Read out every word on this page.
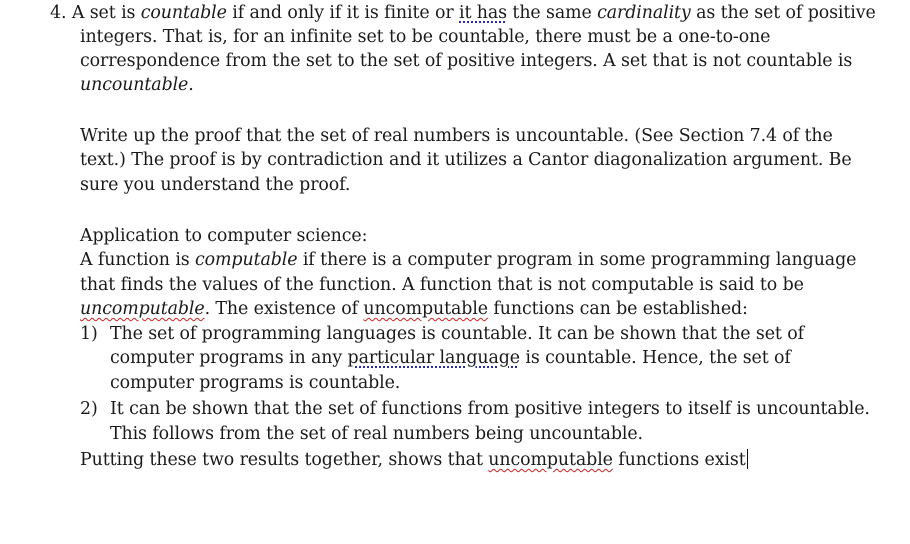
4. A set is countable if and only if it is finite or it has the same cardinality as the set of positive
integers. That is, for an infinite set to be countable, there must be a one-to-one
correspondence from the set to the set of positive integers. A set that is not countable is
uncountable.
Write up the proof that the set of real numbers is uncountable. (See Section 7.4 of the
text.) The proof is by contradiction and it utilizes a Cantor diagonalization argument. Be
sure you understand the proof.
Application to computer science:
A function is computable if there is a computer program in some programming language
that finds the values of the function. A function that is not computable is said to be
uncomputable. The existence of uncomputable functions can be established:
1) The set of programming languages is countable. It can be shown that the set of
computer programs in any particular language is countable. Hence, the set of
computer programs is countable.
2) It can be shown that the set of functions from positive integers to itself is uncountable.
This follows from the set of real numbers being uncountable.
Putting these two results together, shows that uncomputable functions exist
